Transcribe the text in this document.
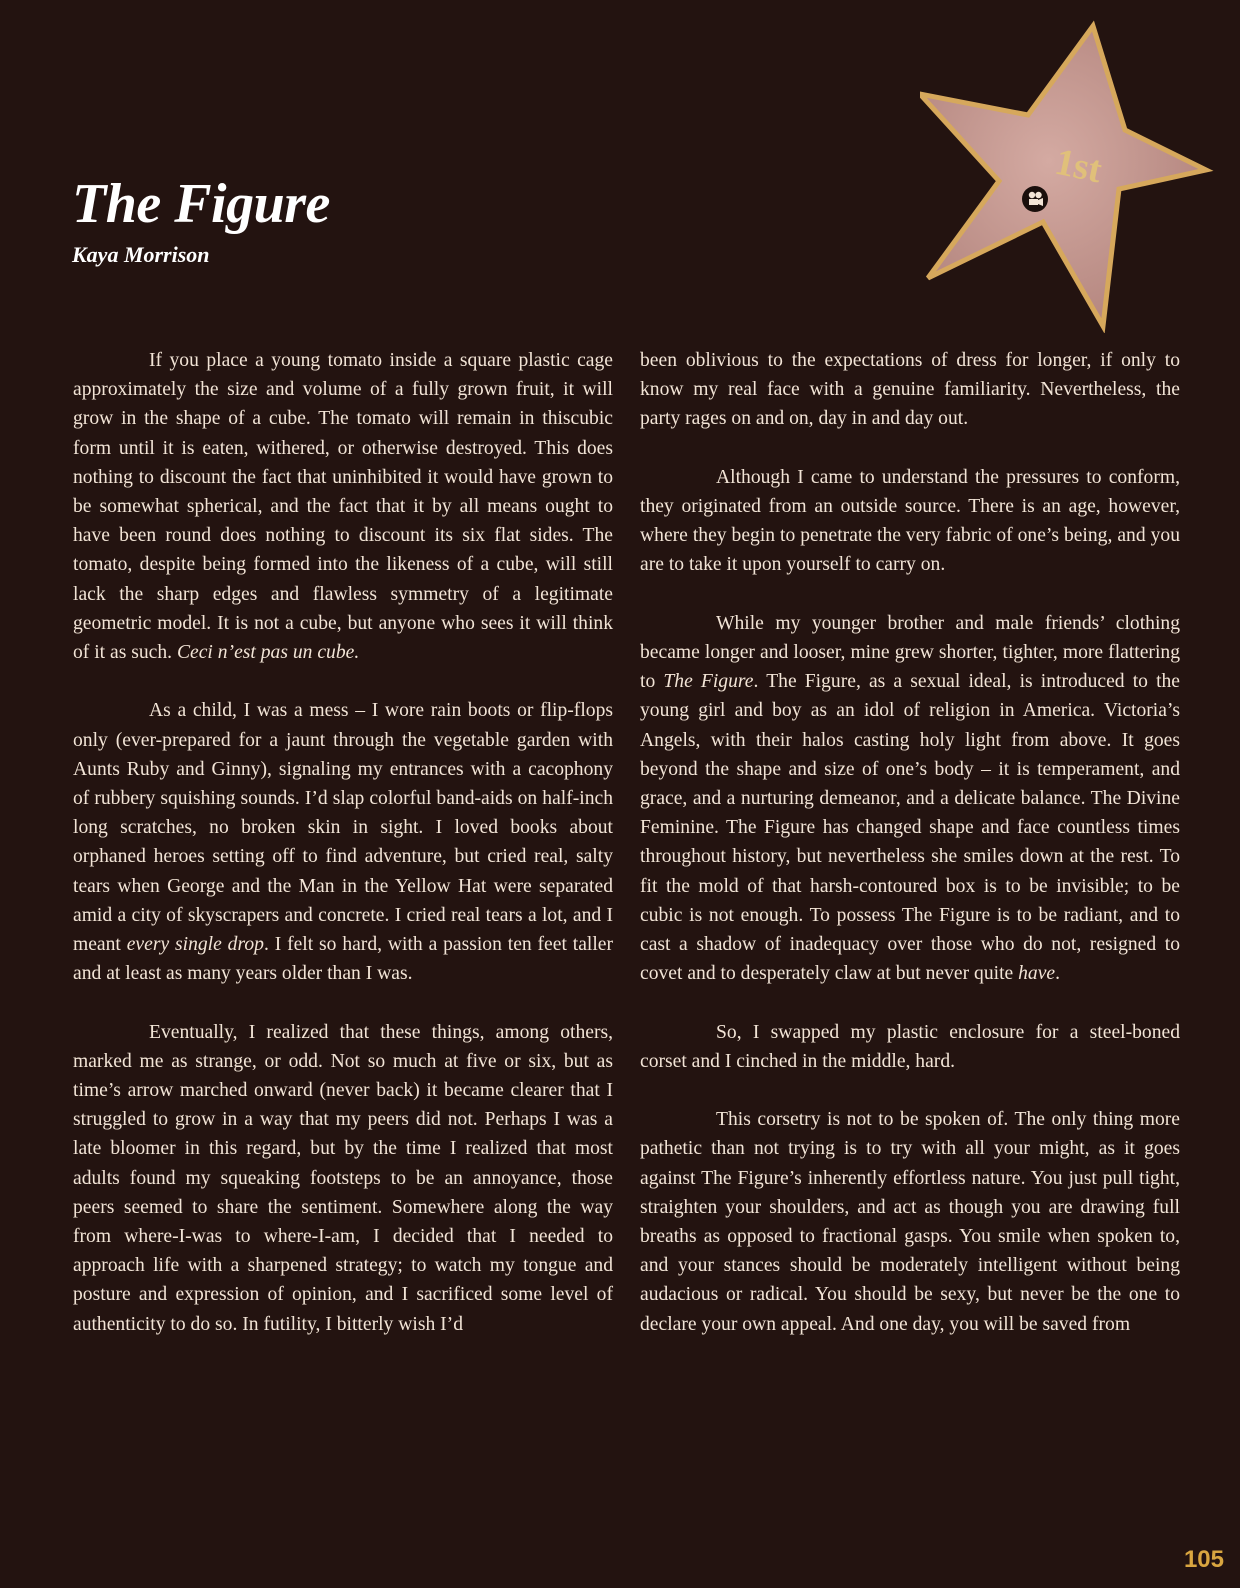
The Figure
Kaya Morrison
1st

If you place a young tomato inside a square plastic cage approximately the size and volume of a fully grown fruit, it will grow in the shape of a cube. The tomato will remain in thiscubic form until it is eaten, withered, or otherwise destroyed. This does nothing to discount the fact that uninhibited it would have grown to be somewhat spherical, and the fact that it by all means ought to have been round does nothing to discount its six flat sides. The tomato, despite being formed into the likeness of a cube, will still lack the sharp edges and flawless symmetry of a legitimate geometric model. It is not a cube, but anyone who sees it will think of it as such. Ceci n’est pas un cube.

As a child, I was a mess – I wore rain boots or flip-flops only (ever-prepared for a jaunt through the vegetable garden with Aunts Ruby and Ginny), signaling my entrances with a cacophony of rubbery squishing sounds. I’d slap colorful band-aids on half-inch long scratches, no broken skin in sight. I loved books about orphaned heroes setting off to find adventure, but cried real, salty tears when George and the Man in the Yellow Hat were separated amid a city of skyscrapers and concrete. I cried real tears a lot, and I meant every single drop. I felt so hard, with a passion ten feet taller and at least as many years older than I was.

Eventually, I realized that these things, among others, marked me as strange, or odd. Not so much at five or six, but as time’s arrow marched onward (never back) it became clearer that I struggled to grow in a way that my peers did not. Perhaps I was a late bloomer in this regard, but by the time I realized that most adults found my squeaking footsteps to be an annoyance, those peers seemed to share the sentiment. Somewhere along the way from where-I-was to where-I-am, I decided that I needed to approach life with a sharpened strategy; to watch my tongue and posture and expression of opinion, and I sacrificed some level of authenticity to do so. In futility, I bitterly wish I’d

been oblivious to the expectations of dress for longer, if only to know my real face with a genuine familiarity. Nevertheless, the party rages on and on, day in and day out.

Although I came to understand the pressures to conform, they originated from an outside source. There is an age, however, where they begin to penetrate the very fabric of one’s being, and you are to take it upon yourself to carry on.

While my younger brother and male friends’ clothing became longer and looser, mine grew shorter, tighter, more flattering to The Figure. The Figure, as a sexual ideal, is introduced to the young girl and boy as an idol of religion in America. Victoria’s Angels, with their halos casting holy light from above. It goes beyond the shape and size of one’s body – it is temperament, and grace, and a nurturing demeanor, and a delicate balance. The Divine Feminine. The Figure has changed shape and face countless times throughout history, but nevertheless she smiles down at the rest. To fit the mold of that harsh-contoured box is to be invisible; to be cubic is not enough. To possess The Figure is to be radiant, and to cast a shadow of inadequacy over those who do not, resigned to covet and to desperately claw at but never quite have.

So, I swapped my plastic enclosure for a steel-boned corset and I cinched in the middle, hard.

This corsetry is not to be spoken of. The only thing more pathetic than not trying is to try with all your might, as it goes against The Figure’s inherently effortless nature. You just pull tight, straighten your shoulders, and act as though you are drawing full breaths as opposed to fractional gasps. You smile when spoken to, and your stances should be moderately intelligent without being audacious or radical. You should be sexy, but never be the one to declare your own appeal. And one day, you will be saved from

105
